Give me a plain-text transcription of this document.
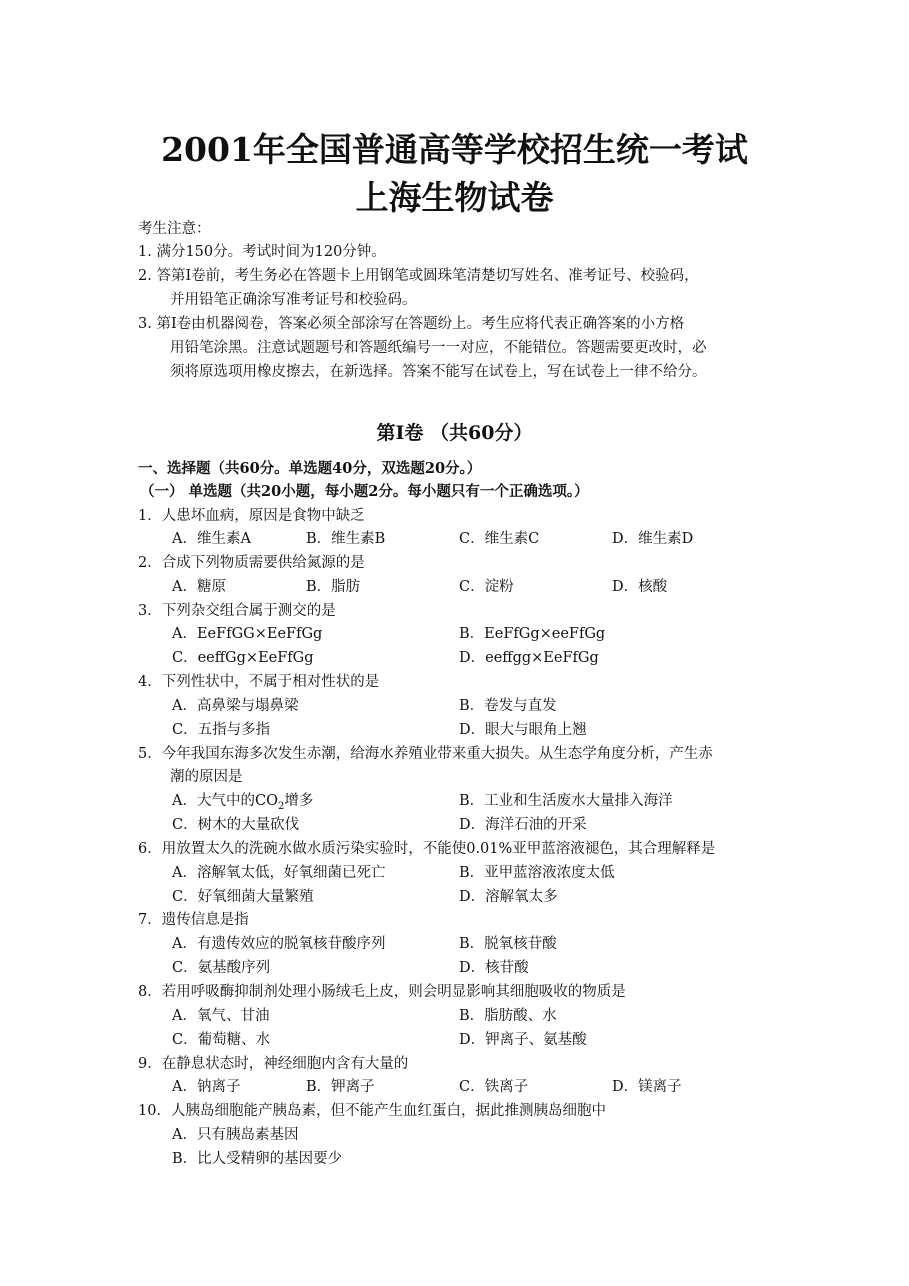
2001年全国普通高等学校招生统一考试
上海生物试卷
考生注意：
1. 满分150分。考试时间为120分钟。
2. 答第Ⅰ卷前，考生务必在答题卡上用钢笔或圆珠笔清楚切写姓名、准考证号、校验码，
并用铅笔正确涂写准考证号和校验码。
3. 第Ⅰ卷由机器阅卷，答案必须全部涂写在答题纷上。考生应将代表正确答案的小方格
用铅笔涂黑。注意试题题号和答题纸编号一一对应，不能错位。答题需要更改时，必
须将原选项用橡皮擦去，在新选择。答案不能写在试卷上，写在试卷上一律不给分。
第Ⅰ卷 （共60分）
一、选择题（共60分。单选题40分，双选题20分。）
（一） 单选题（共20小题，每小题2分。每小题只有一个正确选项。）
1．人患坏血病，原因是食物中缺乏
A．维生素A	B．维生素B	C．维生素C	D．维生素D
2．合成下列物质需要供给氮源的是
A．糖原	B．脂肪	C．淀粉	D．核酸
3．下列杂交组合属于测交的是
A．EeFfGG×EeFfGg	B．EeFfGg×eeFfGg
C．eeffGg×EeFfGg	D．eeffgg×EeFfGg
4．下列性状中，不属于相对性状的是
A．高鼻梁与塌鼻梁	B．卷发与直发
C．五指与多指	D．眼大与眼角上翘
5．今年我国东海多次发生赤潮，给海水养殖业带来重大损失。从生态学角度分析，产生赤
潮的原因是
A．大气中的$CO_2$增多	B．工业和生活废水大量排入海洋
C．树木的大量砍伐	D．海洋石油的开采
6．用放置太久的洗碗水做水质污染实验时，不能使0.01%亚甲蓝溶液褪色，其合理解释是
A．溶解氧太低，好氧细菌已死亡	B．亚甲蓝溶液浓度太低
C．好氧细菌大量繁殖	D．溶解氧太多
7．遗传信息是指
A．有遗传效应的脱氧核苷酸序列	B．脱氧核苷酸
C．氨基酸序列	D．核苷酸
8．若用呼吸酶抑制剂处理小肠绒毛上皮，则会明显影响其细胞吸收的物质是
A．氧气、甘油	B．脂肪酸、水
C．葡萄糖、水	D．钾离子、氨基酸
9．在静息状态时，神经细胞内含有大量的
A．钠离子	B．钾离子	C．铁离子	D．镁离子
10．人胰岛细胞能产胰岛素，但不能产生血红蛋白，据此推测胰岛细胞中
A．只有胰岛素基因
B．比人受精卵的基因要少
